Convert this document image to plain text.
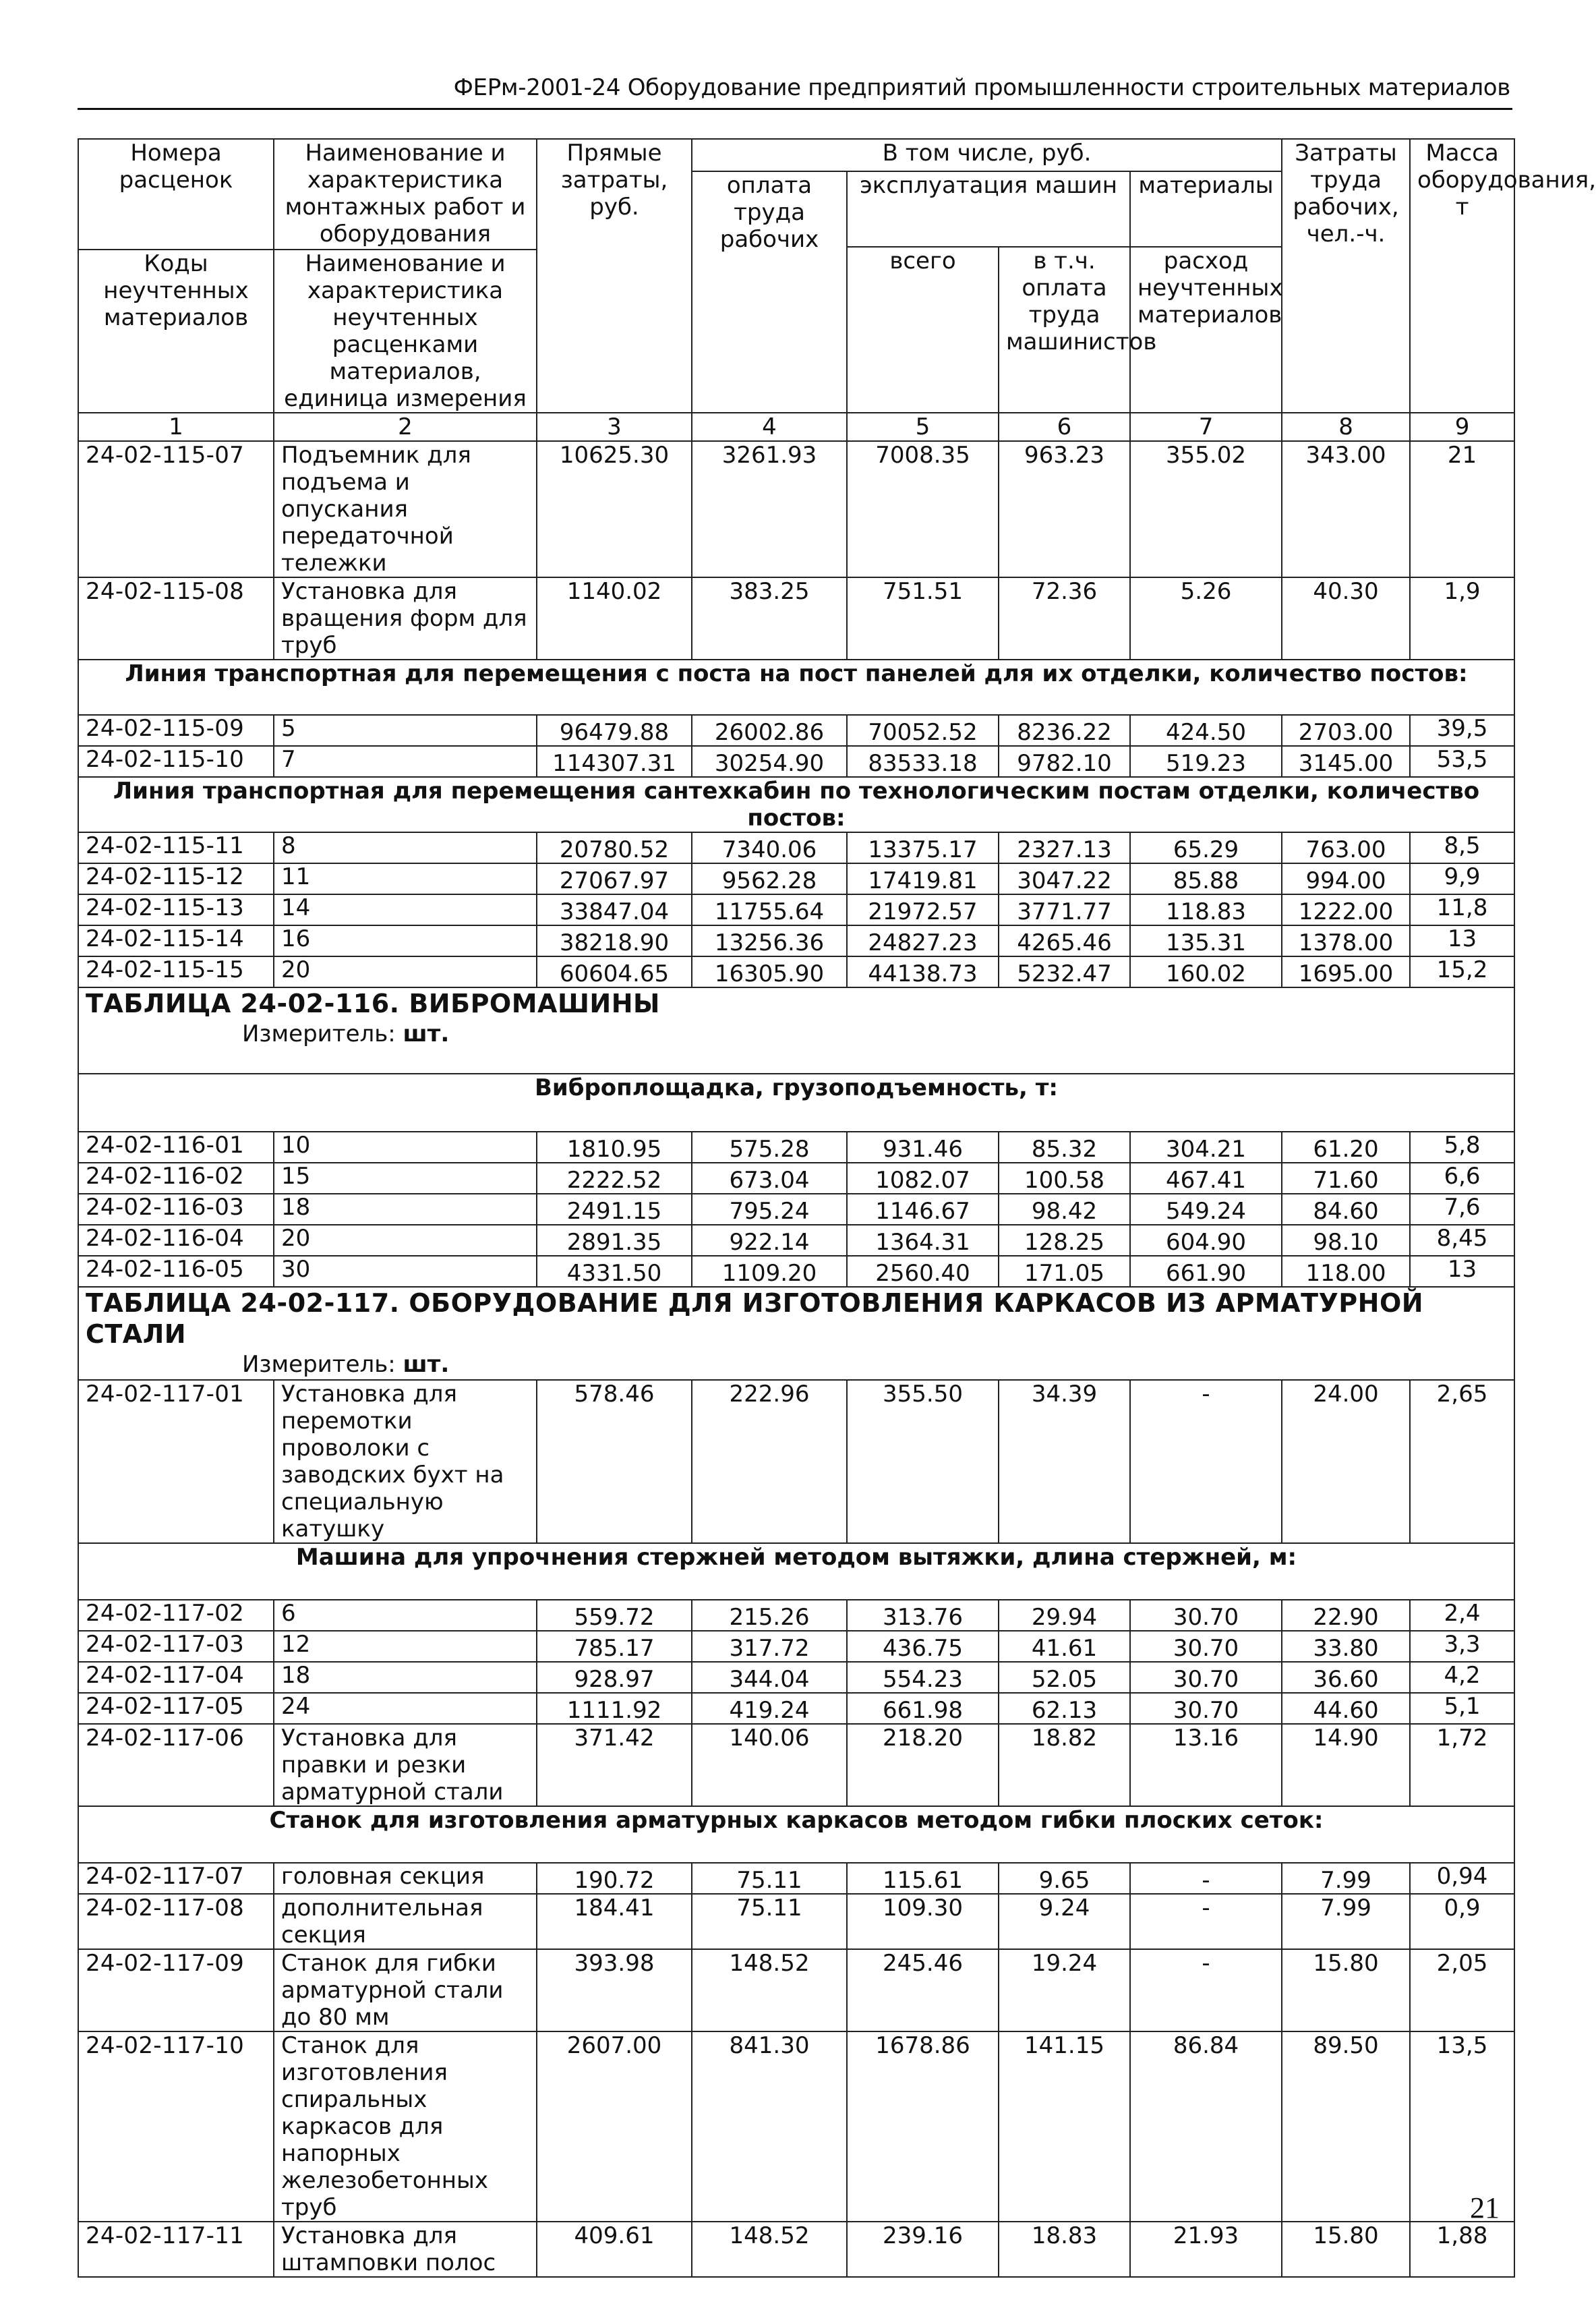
ФЕРм-2001-24 Оборудование предприятий промышленности строительных материалов
Номера расценок	Наименование и характеристика монтажных работ и оборудования	Прямые затраты, руб.	В том числе, руб.				Затраты труда рабочих, чел.-ч.	Масса оборудования, т
			оплата труда рабочих	эксплуатация машин		материалы		
				всего	в т.ч. оплата труда машинистов	расход неучтенных материалов		
Коды неучтенных материалов	Наименование и характеристика неучтенных расценками материалов, единица измерения							

1	2	3	4	5	6	7	8	9
24-02-115-07	Подъемник для подъема и опускания передаточной тележки	10625.30	3261.93	7008.35	963.23	355.02	343.00	21
24-02-115-08	Установка для вращения форм для труб	1140.02	383.25	751.51	72.36	5.26	40.30	1,9
Линия транспортная для перемещения с поста на пост панелей для их отделки, количество постов:								
24-02-115-09	5	96479.88	26002.86	70052.52	8236.22	424.50	2703.00	39,5
24-02-115-10	7	114307.31	30254.90	83533.18	9782.10	519.23	3145.00	53,5
Линия транспортная для перемещения сантехкабин по технологическим постам отделки, количество постов:								
24-02-115-11	8	20780.52	7340.06	13375.17	2327.13	65.29	763.00	8,5
24-02-115-12	11	27067.97	9562.28	17419.81	3047.22	85.88	994.00	9,9
24-02-115-13	14	33847.04	11755.64	21972.57	3771.77	118.83	1222.00	11,8
24-02-115-14	16	38218.90	13256.36	24827.23	4265.46	135.31	1378.00	13
24-02-115-15	20	60604.65	16305.90	44138.73	5232.47	160.02	1695.00	15,2

ТАБЛИЦА 24-02-116. ВИБРОМАШИНЫ
Измеритель: шт.								

Виброплощадка, грузоподъемность, т:								
24-02-116-01	10	1810.95	575.28	931.46	85.32	304.21	61.20	5,8
24-02-116-02	15	2222.52	673.04	1082.07	100.58	467.41	71.60	6,6
24-02-116-03	18	2491.15	795.24	1146.67	98.42	549.24	84.60	7,6
24-02-116-04	20	2891.35	922.14	1364.31	128.25	604.90	98.10	8,45
24-02-116-05	30	4331.50	1109.20	2560.40	171.05	661.90	118.00	13

ТАБЛИЦА 24-02-117. ОБОРУДОВАНИЕ ДЛЯ ИЗГОТОВЛЕНИЯ КАРКАСОВ ИЗ АРМАТУРНОЙ СТАЛИ
Измеритель: шт.								

24-02-117-01	Установка для перемотки проволоки с заводских бухт на специальную катушку	578.46	222.96	355.50	34.39	-	24.00	2,65
Машина для упрочнения стержней методом вытяжки, длина стержней, м:								
24-02-117-02	6	559.72	215.26	313.76	29.94	30.70	22.90	2,4
24-02-117-03	12	785.17	317.72	436.75	41.61	30.70	33.80	3,3
24-02-117-04	18	928.97	344.04	554.23	52.05	30.70	36.60	4,2
24-02-117-05	24	1111.92	419.24	661.98	62.13	30.70	44.60	5,1
24-02-117-06	Установка для правки и резки арматурной стали	371.42	140.06	218.20	18.82	13.16	14.90	1,72
Станок для изготовления арматурных каркасов методом гибки плоских сеток:								
24-02-117-07	головная секция	190.72	75.11	115.61	9.65	-	7.99	0,94
24-02-117-08	дополнительная секция	184.41	75.11	109.30	9.24	-	7.99	0,9
24-02-117-09	Станок для гибки арматурной стали до 80 мм	393.98	148.52	245.46	19.24	-	15.80	2,05
24-02-117-10	Станок для изготовления спиральных каркасов для напорных железобетонных труб	2607.00	841.30	1678.86	141.15	86.84	89.50	13,5
24-02-117-11	Установка для штамповки полос	409.61	148.52	239.16	18.83	21.93	15.80	1,88
21
